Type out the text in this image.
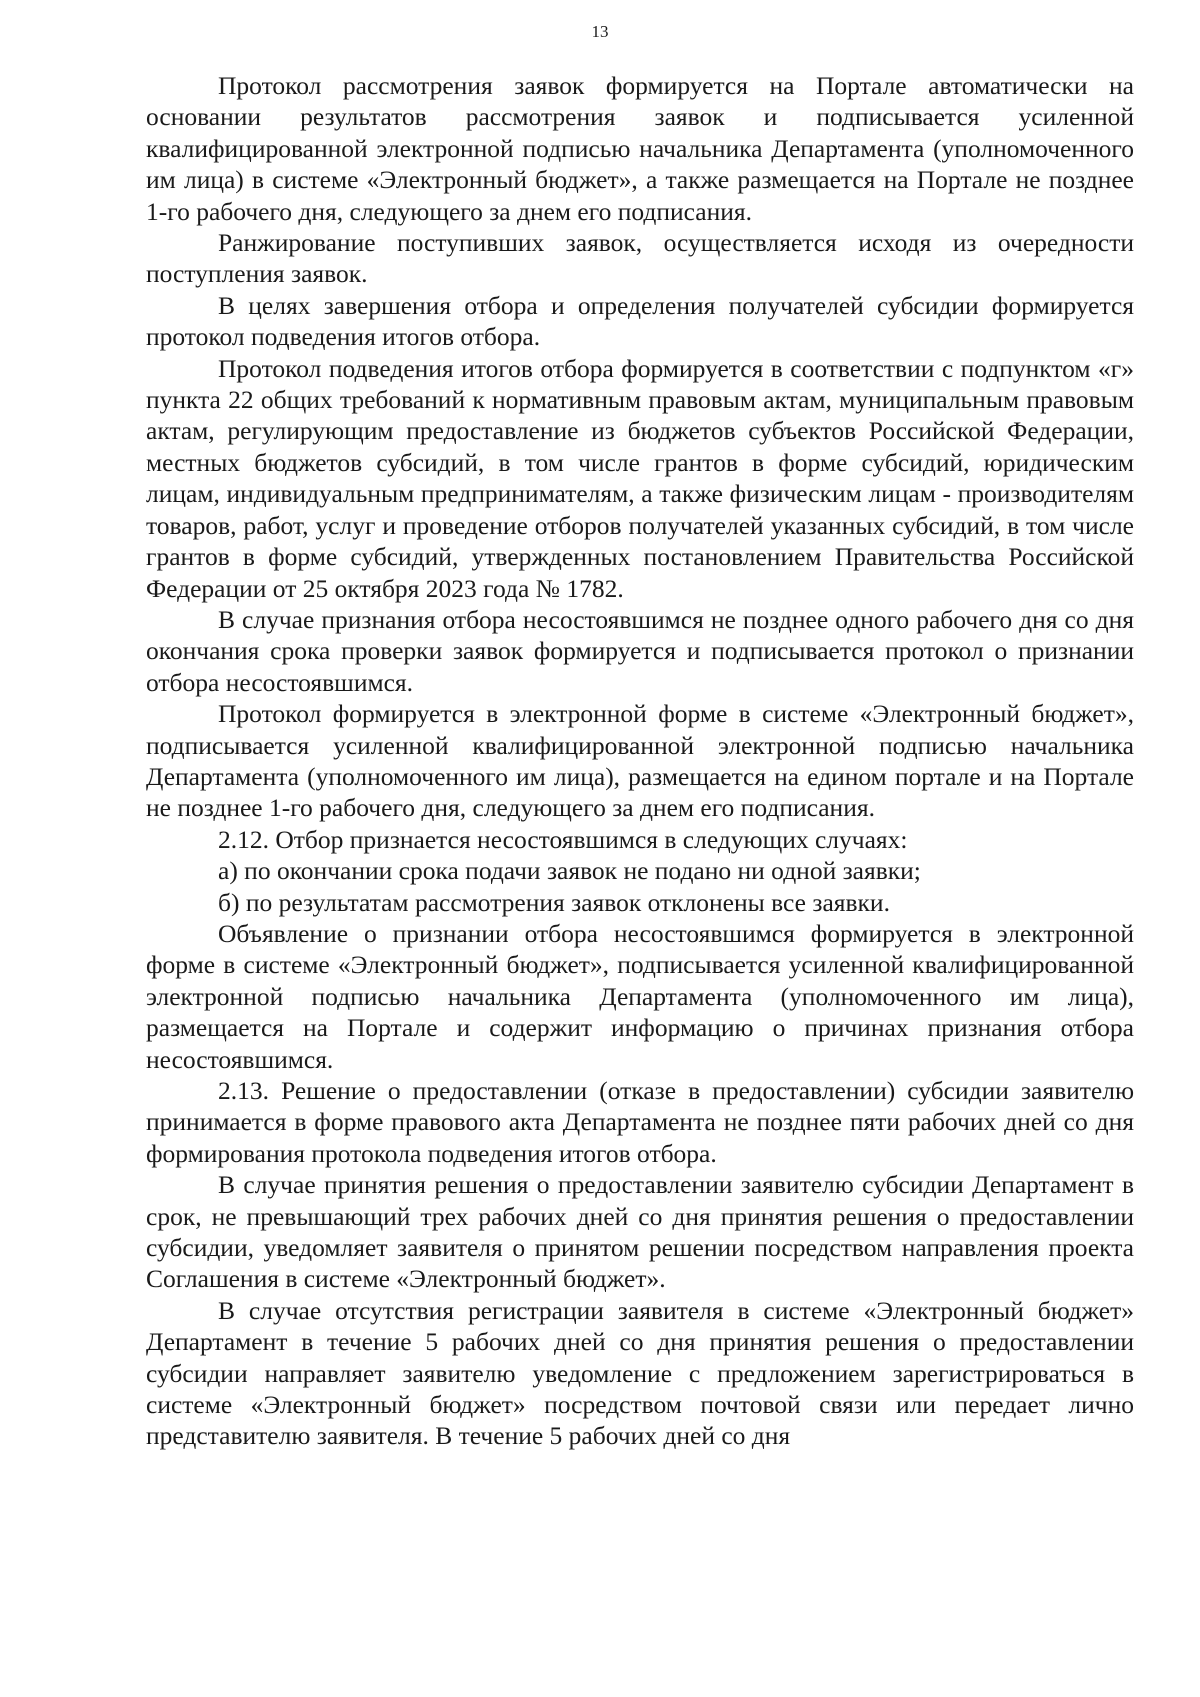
13

Протокол рассмотрения заявок формируется на Портале автоматически на основании результатов рассмотрения заявок и подписывается усиленной квалифицированной электронной подписью начальника Департамента (уполномоченного им лица) в системе «Электронный бюджет», а также размещается на Портале не позднее 1-го рабочего дня, следующего за днем его подписания.

Ранжирование поступивших заявок, осуществляется исходя из очередности поступления заявок.

В целях завершения отбора и определения получателей субсидии формируется протокол подведения итогов отбора.

Протокол подведения итогов отбора формируется в соответствии с подпунктом «г» пункта 22 общих требований к нормативным правовым актам, муниципальным правовым актам, регулирующим предоставление из бюджетов субъектов Российской Федерации, местных бюджетов субсидий, в том числе грантов в форме субсидий, юридическим лицам, индивидуальным предпринимателям, а также физическим лицам - производителям товаров, работ, услуг и проведение отборов получателей указанных субсидий, в том числе грантов в форме субсидий, утвержденных постановлением Правительства Российской Федерации от 25 октября 2023 года № 1782.

В случае признания отбора несостоявшимся не позднее одного рабочего дня со дня окончания срока проверки заявок формируется и подписывается протокол о признании отбора несостоявшимся.

Протокол формируется в электронной форме в системе «Электронный бюджет», подписывается усиленной квалифицированной электронной подписью начальника Департамента (уполномоченного им лица), размещается на едином портале и на Портале не позднее 1-го рабочего дня, следующего за днем его подписания.

2.12. Отбор признается несостоявшимся в следующих случаях:

а) по окончании срока подачи заявок не подано ни одной заявки;

б) по результатам рассмотрения заявок отклонены все заявки.

Объявление о признании отбора несостоявшимся формируется в электронной форме в системе «Электронный бюджет», подписывается усиленной квалифицированной электронной подписью начальника Департамента (уполномоченного им лица), размещается на Портале и содержит информацию о причинах признания отбора несостоявшимся.

2.13. Решение о предоставлении (отказе в предоставлении) субсидии заявителю принимается в форме правового акта Департамента не позднее пяти рабочих дней со дня формирования протокола подведения итогов отбора.

В случае принятия решения о предоставлении заявителю субсидии Департамент в срок, не превышающий трех рабочих дней со дня принятия решения о предоставлении субсидии, уведомляет заявителя о принятом решении посредством направления проекта Соглашения в системе «Электронный бюджет».

В случае отсутствия регистрации заявителя в системе «Электронный бюджет» Департамент в течение 5 рабочих дней со дня принятия решения о предоставлении субсидии направляет заявителю уведомление с предложением зарегистрироваться в системе «Электронный бюджет» посредством почтовой связи или передает лично представителю заявителя. В течение 5 рабочих дней со дня
